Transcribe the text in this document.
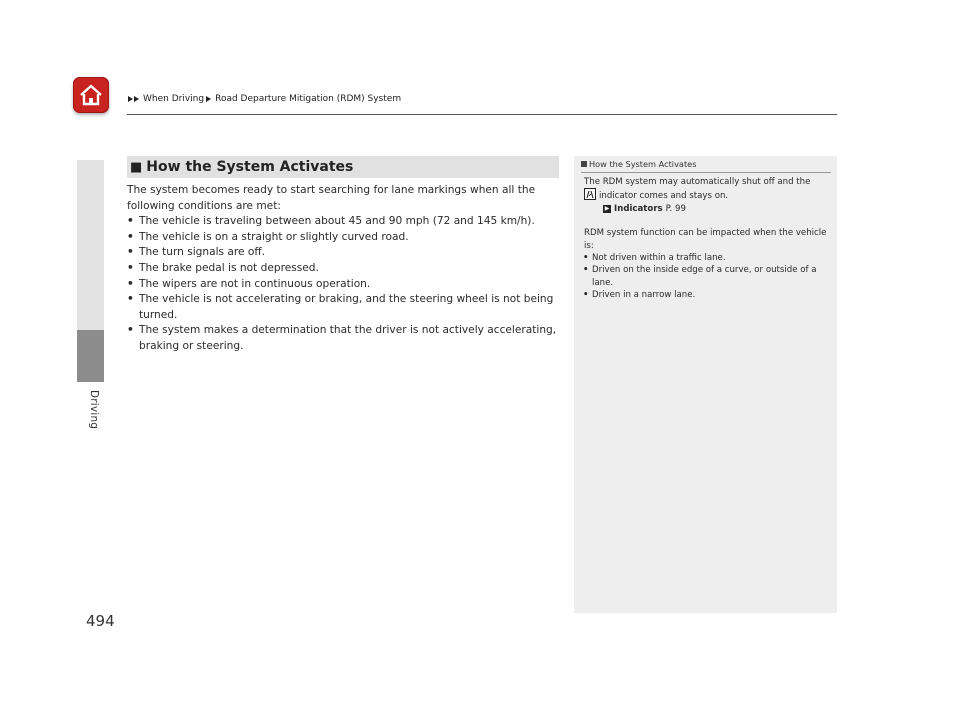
When Driving Road Departure Mitigation (RDM) System
Driving
494
■ How the System Activates

The system becomes ready to start searching for lane markings when all the following conditions are met:

• The vehicle is traveling between about 45 and 90 mph (72 and 145 km/h).
• The vehicle is on a straight or slightly curved road.
• The turn signals are off.
• The brake pedal is not depressed.
• The wipers are not in continuous operation.
• The vehicle is not accelerating or braking, and the steering wheel is not being turned.
• The system makes a determination that the driver is not actively accelerating, braking or steering.
How the System Activates

The RDM system may automatically shut off and the

indicator comes and stays on.

▶ Indicators P. 99

RDM system function can be impacted when the vehicle is:

• Not driven within a traffic lane.
• Driven on the inside edge of a curve, or outside of a lane.
• Driven in a narrow lane.
